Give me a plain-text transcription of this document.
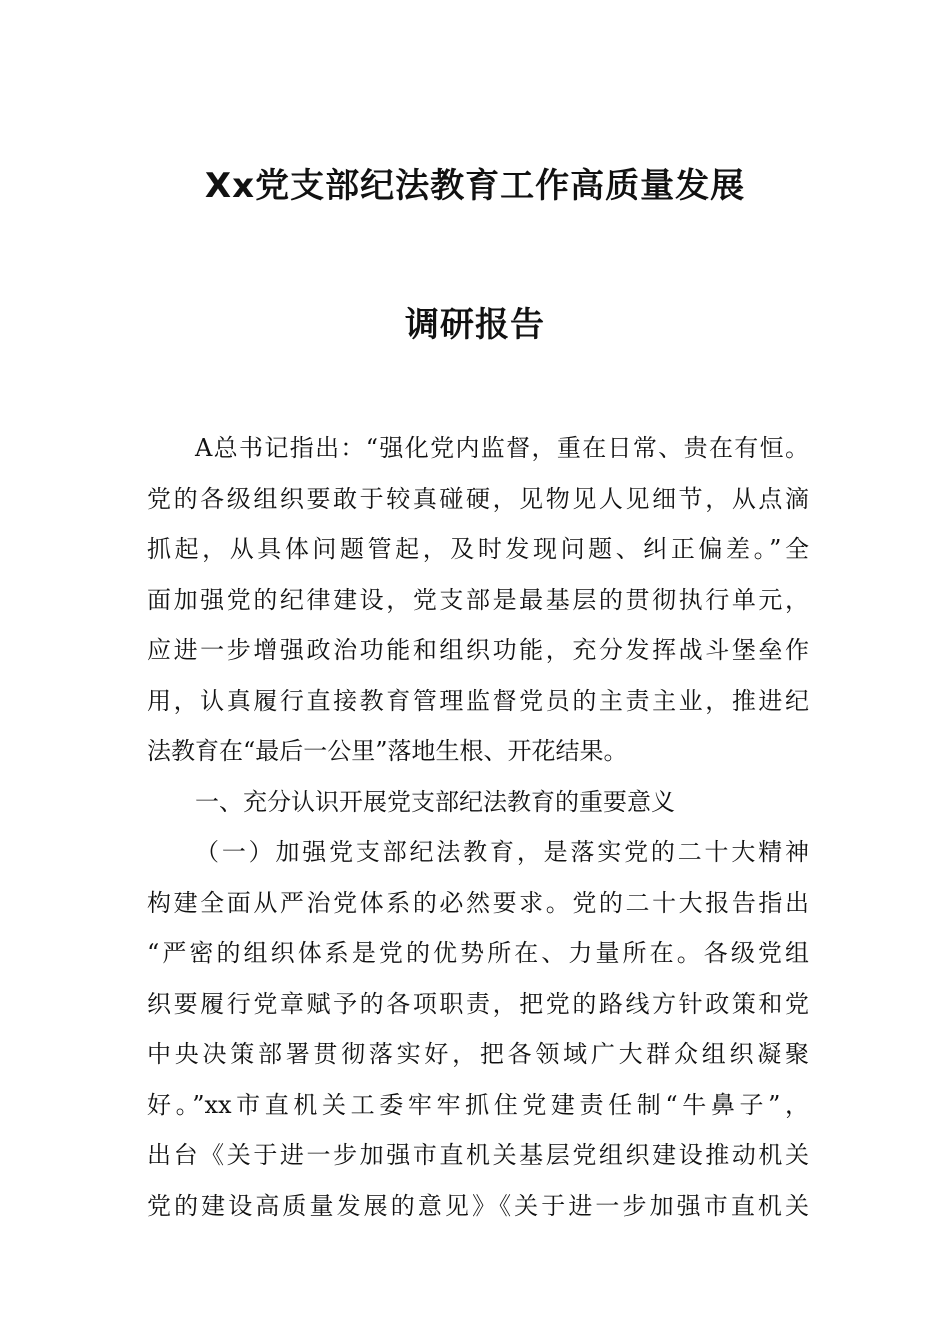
Xx党支部纪法教育工作高质量发展
调研报告
A总书记指出：“强化党内监督，重在日常、贵在有恒。
党的各级组织要敢于较真碰硬，见物见人见细节，从点滴
抓起，从具体问题管起，及时发现问题、纠正偏差。”全
面加强党的纪律建设，党支部是最基层的贯彻执行单元，
应进一步增强政治功能和组织功能，充分发挥战斗堡垒作
用，认真履行直接教育管理监督党员的主责主业，推进纪
法教育在“最后一公里”落地生根、开花结果。
一、充分认识开展党支部纪法教育的重要意义
（一）加强党支部纪法教育，是落实党的二十大精神
构建全面从严治党体系的必然要求。党的二十大报告指出
“严密的组织体系是党的优势所在、力量所在。各级党组
织要履行党章赋予的各项职责，把党的路线方针政策和党
中央决策部署贯彻落实好，把各领域广大群众组织凝聚
好。”xx市直机关工委牢牢抓住党建责任制“牛鼻子”，
出台《关于进一步加强市直机关基层党组织建设推动机关
党的建设高质量发展的意见》《关于进一步加强市直机关
